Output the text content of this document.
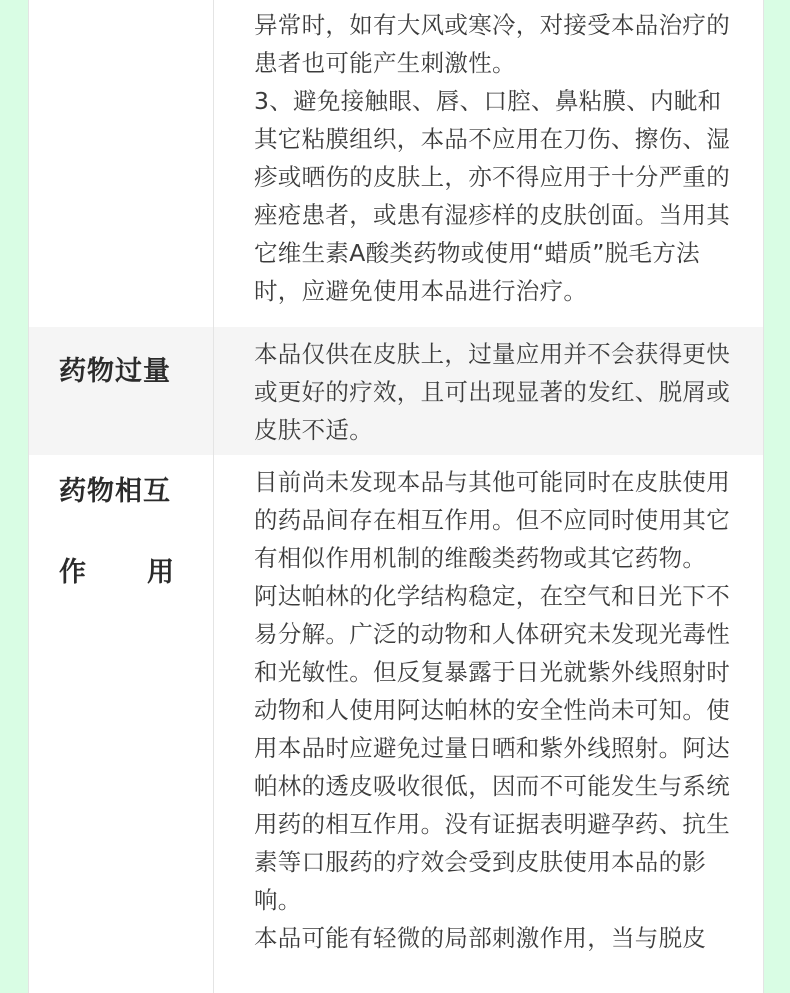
异常时，如有大风或寒冷，对接受本品治疗的患者也可能产生刺激性。

3、避免接触眼、唇、口腔、鼻粘膜、内眦和其它粘膜组织，本品不应用在刀伤、擦伤、湿疹或晒伤的皮肤上，亦不得应用于十分严重的痤疮患者，或患有湿疹样的皮肤创面。当用其它维生素A酸类药物或使用“蜡质”脱毛方法时，应避免使用本品进行治疗。

药物过量

本品仅供在皮肤上，过量应用并不会获得更快或更好的疗效，且可出现显著的发红、脱屑或皮肤不适。

药物相互

作 用

目前尚未发现本品与其他可能同时在皮肤使用的药品间存在相互作用。但不应同时使用其它有相似作用机制的维酸类药物或其它药物。

阿达帕林的化学结构稳定，在空气和日光下不易分解。广泛的动物和人体研究未发现光毒性和光敏性。但反复暴露于日光就紫外线照射时动物和人使用阿达帕林的安全性尚未可知。使用本品时应避免过量日晒和紫外线照射。阿达帕林的透皮吸收很低，因而不可能发生与系统用药的相互作用。没有证据表明避孕药、抗生素等口服药的疗效会受到皮肤使用本品的影响。

本品可能有轻微的局部刺激作用，当与脱皮
